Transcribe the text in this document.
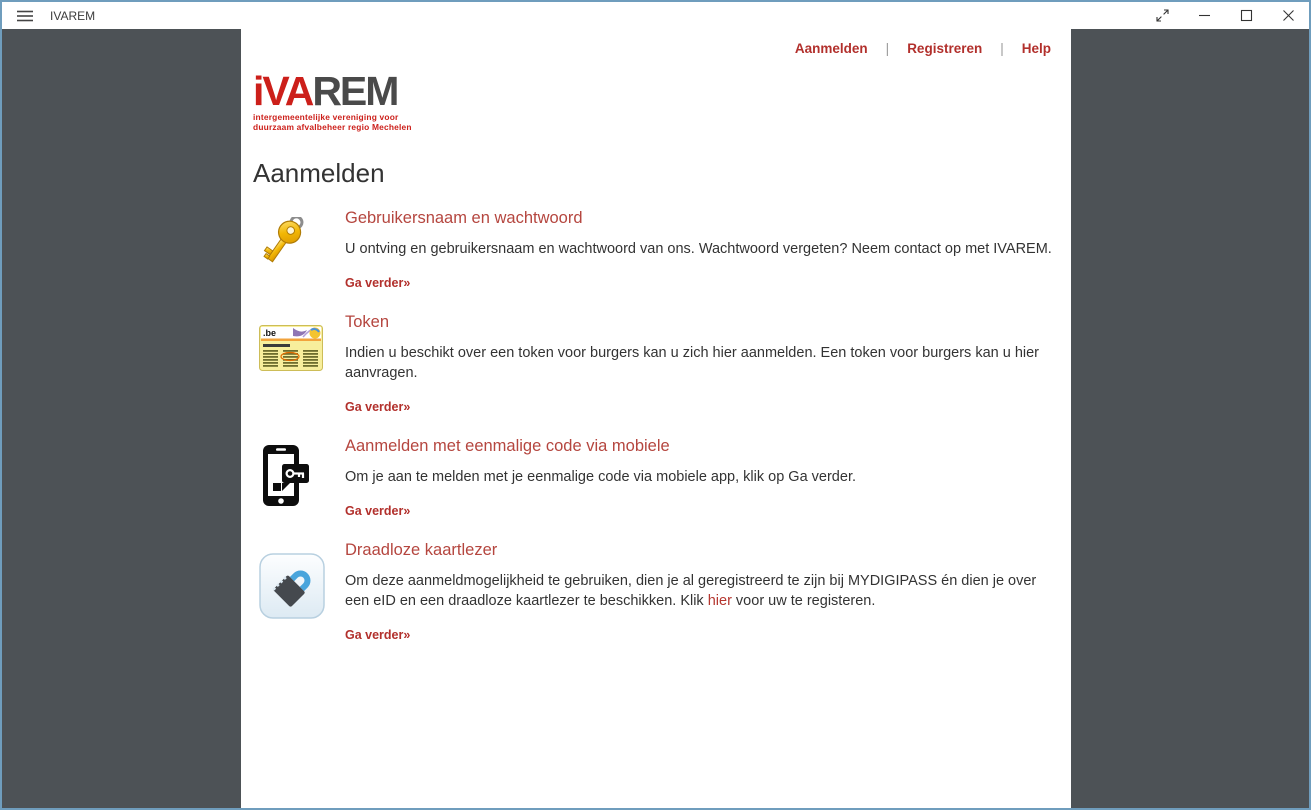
IVAREM
Aanmelden | Registreren | Help
iVAREM
intergemeentelijke vereniging voor
duurzaam afvalbeheer regio Mechelen
Aanmelden
Gebruikersnaam en wachtwoord
U ontving en gebruikersnaam en wachtwoord van ons. Wachtwoord vergeten? Neem contact op met IVAREM.
Ga verder»
.be
Token
Indien u beschikt over een token voor burgers kan u zich hier aanmelden. Een token voor burgers kan u hier aanvragen.
Ga verder»
Aanmelden met eenmalige code via mobiele
Om je aan te melden met je eenmalige code via mobiele app, klik op Ga verder.
Ga verder»
Draadloze kaartlezer
Om deze aanmeldmogelijkheid te gebruiken, dien je al geregistreerd te zijn bij MYDIGIPASS én dien je over een eID en een draadloze kaartlezer te beschikken. Klik hier voor uw te registeren.
Ga verder»
